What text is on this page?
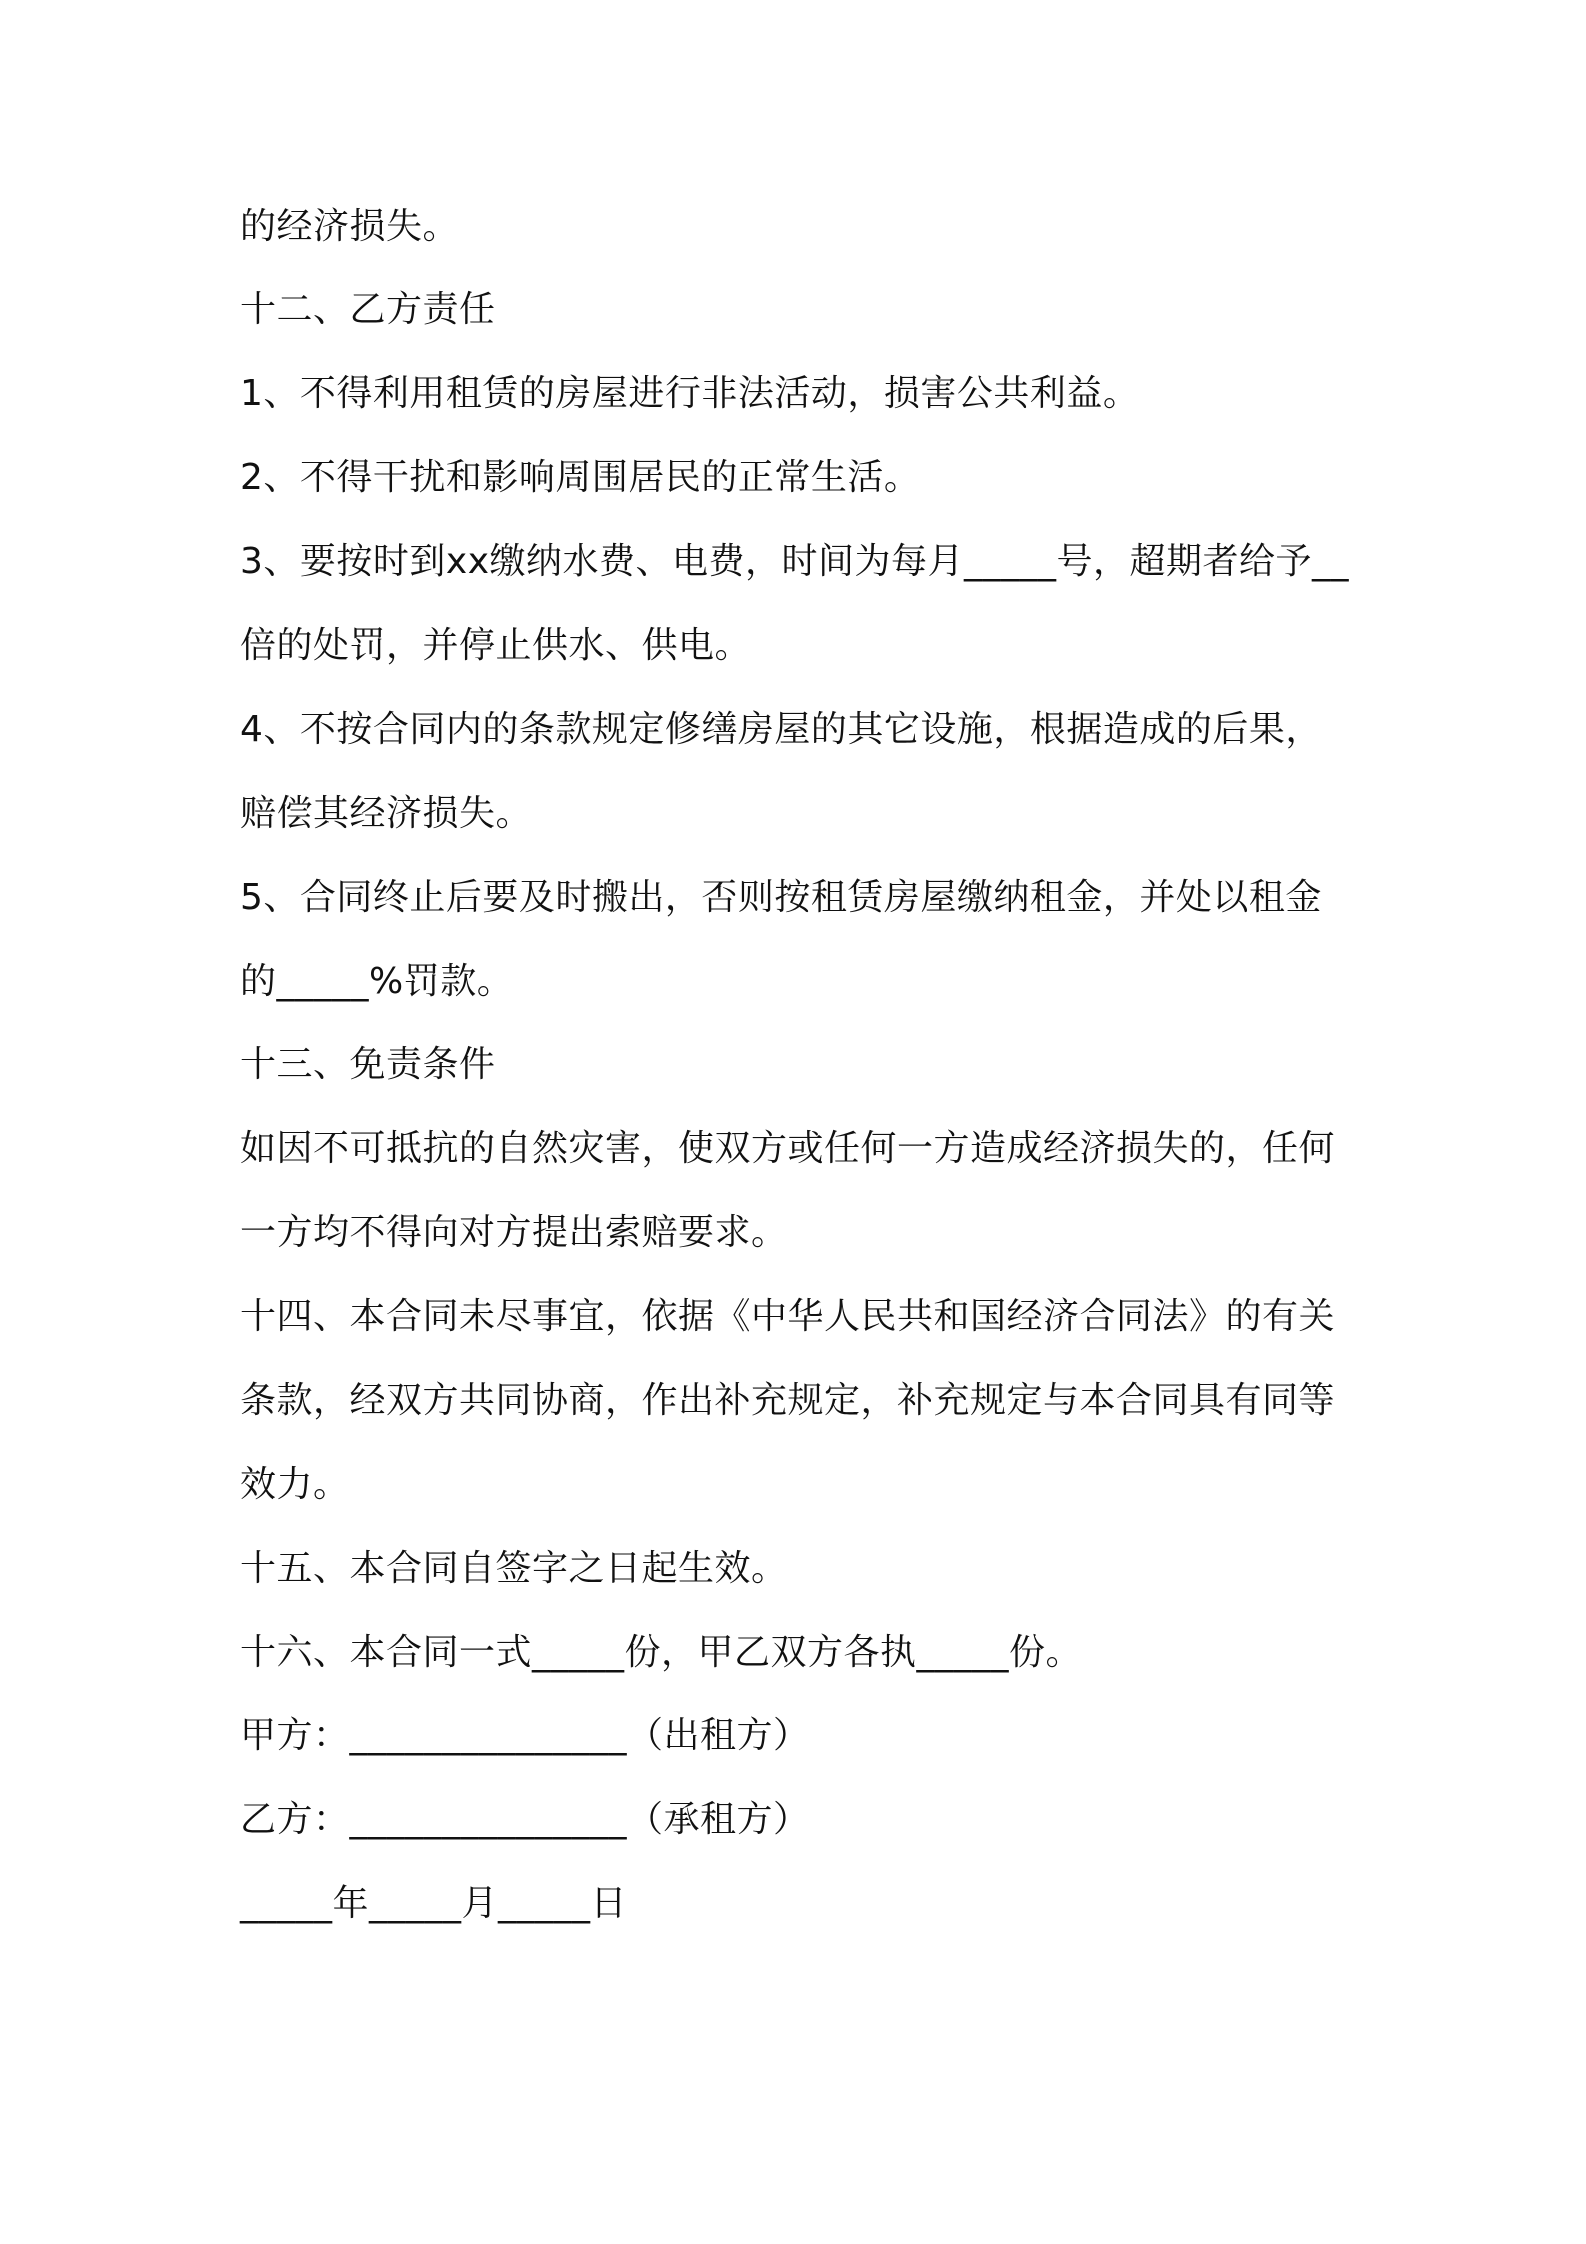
的经济损失。
十二、乙方责任
1、不得利用租赁的房屋进行非法活动，损害公共利益。
2、不得干扰和影响周围居民的正常生活。
3、要按时到xx缴纳水费、电费，时间为每月_____号，超期者给予__
倍的处罚，并停止供水、供电。
4、不按合同内的条款规定修缮房屋的其它设施，根据造成的后果，
赔偿其经济损失。
5、合同终止后要及时搬出，否则按租赁房屋缴纳租金，并处以租金
的_____%罚款。
十三、免责条件
如因不可抵抗的自然灾害，使双方或任何一方造成经济损失的，任何
一方均不得向对方提出索赔要求。
十四、本合同未尽事宜，依据《中华人民共和国经济合同法》的有关
条款，经双方共同协商，作出补充规定，补充规定与本合同具有同等
效力。
十五、本合同自签字之日起生效。
十六、本合同一式_____份，甲乙双方各执_____份。
甲方：_______________（出租方）
乙方：_______________（承租方）
_____年_____月_____日
